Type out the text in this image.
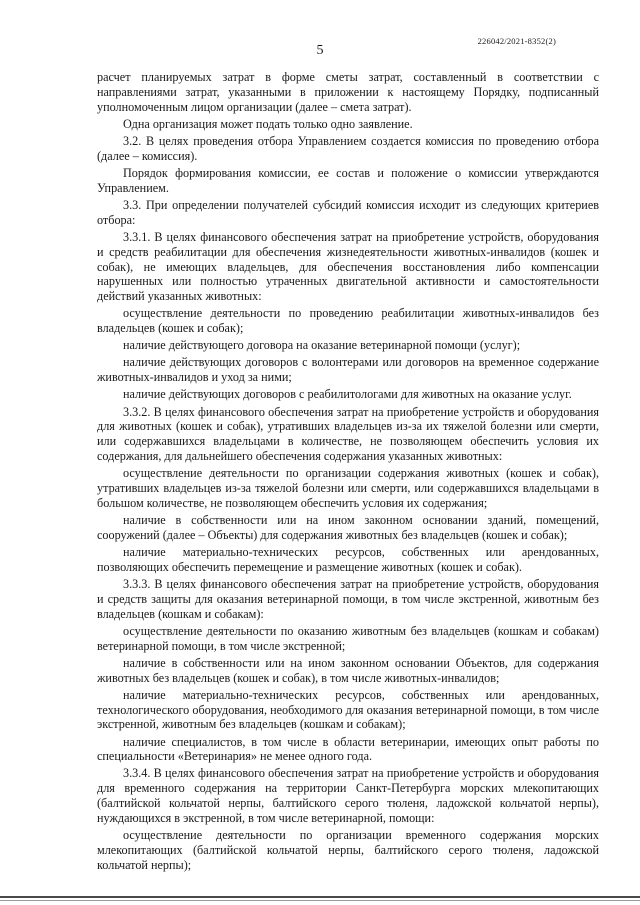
226042/2021-8352(2)
5

расчет планируемых затрат в форме сметы затрат, составленный в соответствии с направлениями затрат, указанными в приложении к настоящему Порядку, подписанный уполномоченным лицом организации (далее – смета затрат).

Одна организация может подать только одно заявление.

3.2. В целях проведения отбора Управлением создается комиссия по проведению отбора (далее – комиссия).

Порядок формирования комиссии, ее состав и положение о комиссии утверждаются Управлением.

3.3. При определении получателей субсидий комиссия исходит из следующих критериев отбора:

3.3.1. В целях финансового обеспечения затрат на приобретение устройств, оборудования и средств реабилитации для обеспечения жизнедеятельности животных-инвалидов (кошек и собак), не имеющих владельцев, для обеспечения восстановления либо компенсации нарушенных или полностью утраченных двигательной активности и самостоятельности действий указанных животных:

осуществление деятельности по проведению реабилитации животных-инвалидов без владельцев (кошек и собак);

наличие действующего договора на оказание ветеринарной помощи (услуг);

наличие действующих договоров с волонтерами или договоров на временное содержание животных-инвалидов и уход за ними;

наличие действующих договоров с реабилитологами для животных на оказание услуг.

3.3.2. В целях финансового обеспечения затрат на приобретение устройств и оборудования для животных (кошек и собак), утративших владельцев из-за их тяжелой болезни или смерти, или содержавшихся владельцами в количестве, не позволяющем обеспечить условия их содержания, для дальнейшего обеспечения содержания указанных животных:

осуществление деятельности по организации содержания животных (кошек и собак), утративших владельцев из-за тяжелой болезни или смерти, или содержавшихся владельцами в большом количестве, не позволяющем обеспечить условия их содержания;

наличие в собственности или на ином законном основании зданий, помещений, сооружений (далее – Объекты) для содержания животных без владельцев (кошек и собак);

наличие материально-технических ресурсов, собственных или арендованных, позволяющих обеспечить перемещение и размещение животных (кошек и собак).

3.3.3. В целях финансового обеспечения затрат на приобретение устройств, оборудования и средств защиты для оказания ветеринарной помощи, в том числе экстренной, животным без владельцев (кошкам и собакам):

осуществление деятельности по оказанию животным без владельцев (кошкам и собакам) ветеринарной помощи, в том числе экстренной;

наличие в собственности или на ином законном основании Объектов, для содержания животных без владельцев (кошек и собак), в том числе животных-инвалидов;

наличие материально-технических ресурсов, собственных или арендованных, технологического оборудования, необходимого для оказания ветеринарной помощи, в том числе экстренной, животным без владельцев (кошкам и собакам);

наличие специалистов, в том числе в области ветеринарии, имеющих опыт работы по специальности «Ветеринария» не менее одного года.

3.3.4. В целях финансового обеспечения затрат на приобретение устройств и оборудования для временного содержания на территории Санкт-Петербурга морских млекопитающих (балтийской кольчатой нерпы, балтийского серого тюленя, ладожской кольчатой нерпы), нуждающихся в экстренной, в том числе ветеринарной, помощи:

осуществление деятельности по организации временного содержания морских млекопитающих (балтийской кольчатой нерпы, балтийского серого тюленя, ладожской кольчатой нерпы);
